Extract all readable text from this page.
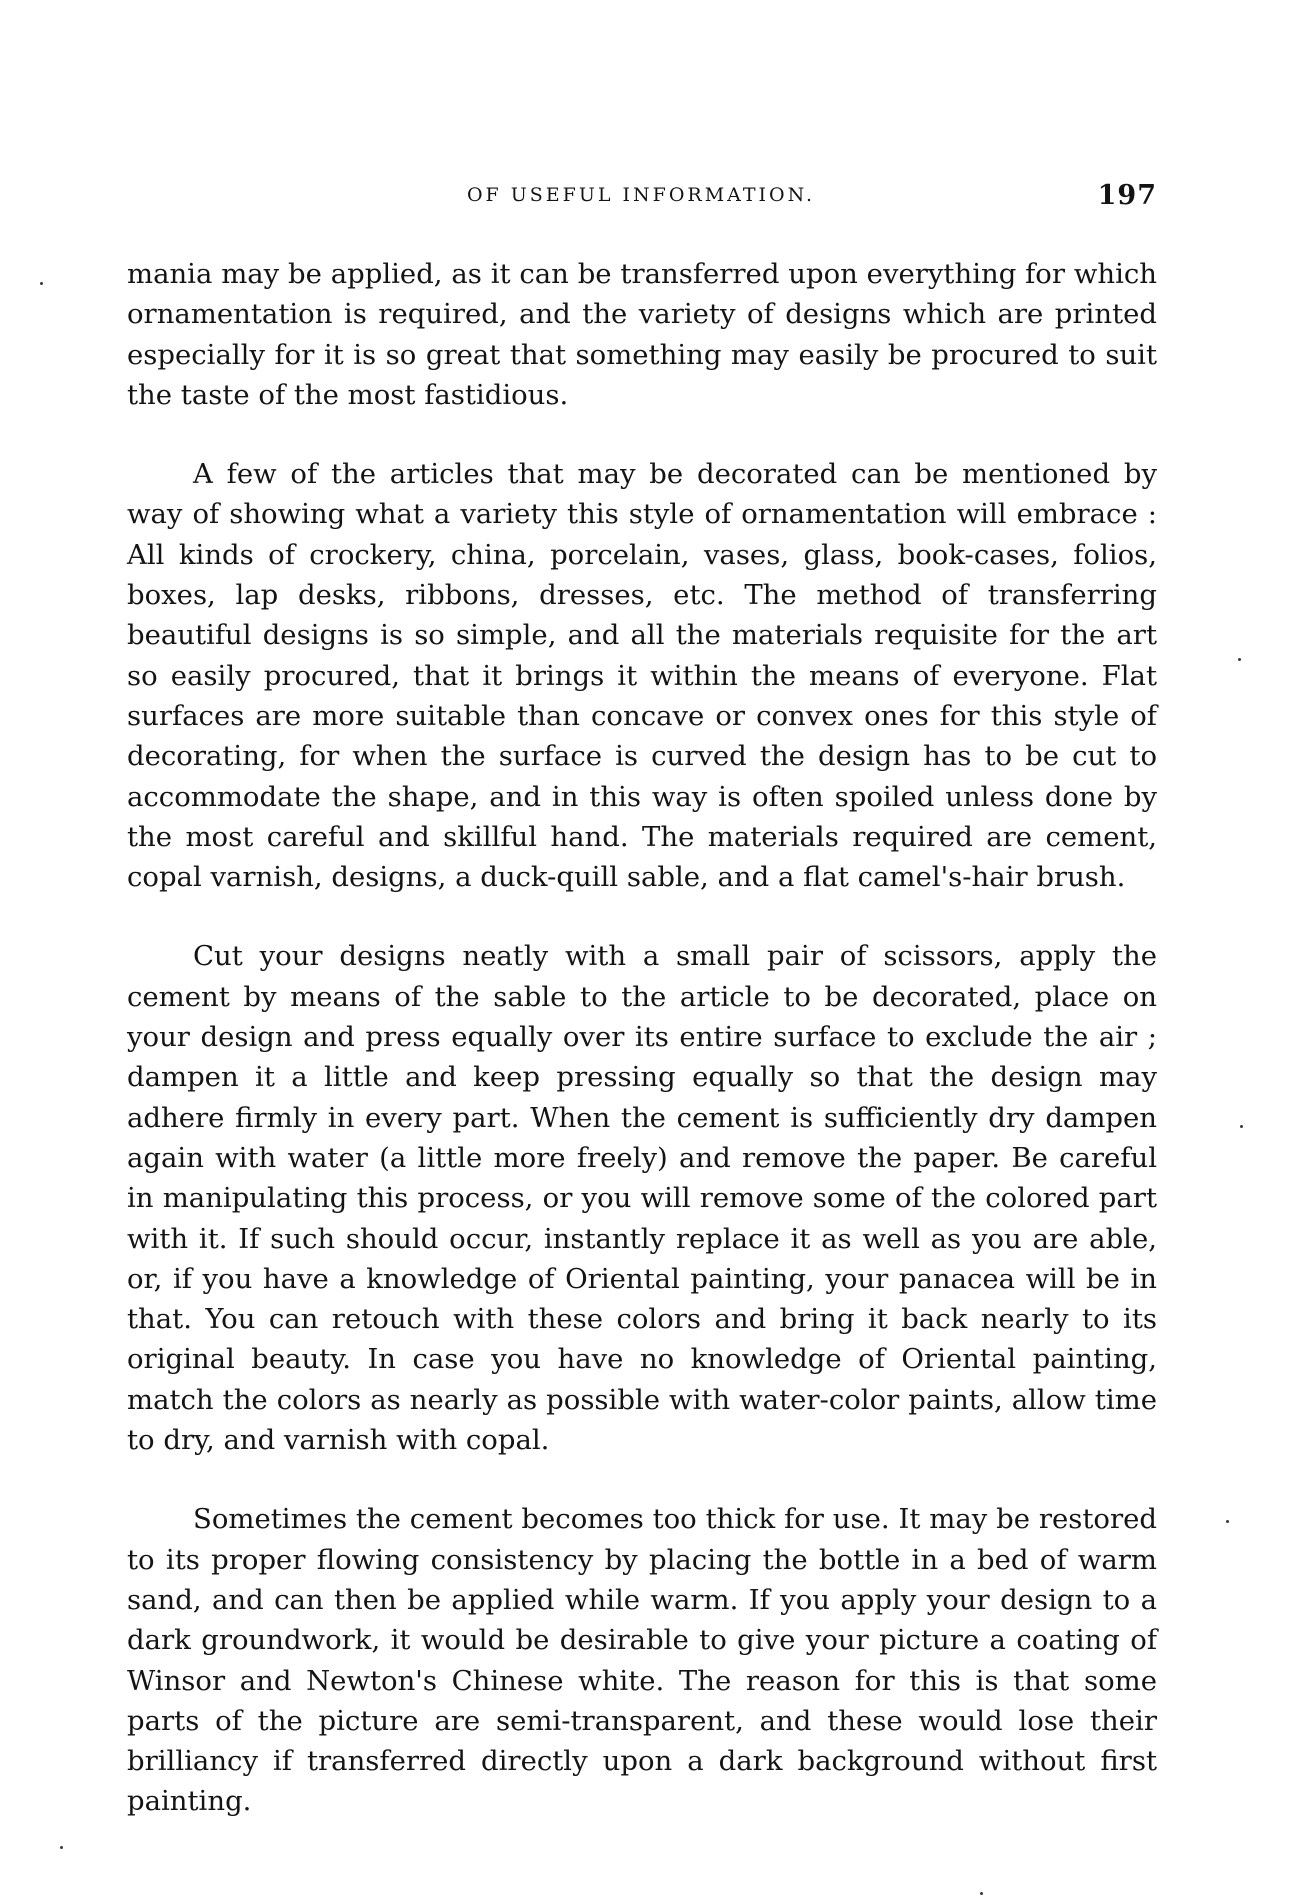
OF USEFUL INFORMATION.	197

mania may be applied, as it can be transferred upon everything for which ornamentation is required, and the variety of designs which are printed especially for it is so great that something may easily be procured to suit the taste of the most fastidious.

A few of the articles that may be decorated can be mentioned by way of showing what a variety this style of ornamentation will embrace : All kinds of crockery, china, porcelain, vases, glass, book-cases, folios, boxes, lap desks, ribbons, dresses, etc. The method of transferring beautiful designs is so simple, and all the materials requisite for the art so easily procured, that it brings it within the means of everyone. Flat surfaces are more suitable than concave or convex ones for this style of decorating, for when the surface is curved the design has to be cut to accommodate the shape, and in this way is often spoiled unless done by the most careful and skillful hand. The materials required are cement, copal varnish, designs, a duck-quill sable, and a flat camel's-hair brush.

Cut your designs neatly with a small pair of scissors, apply the cement by means of the sable to the article to be decorated, place on your design and press equally over its entire surface to exclude the air ; dampen it a little and keep pressing equally so that the design may adhere firmly in every part. When the cement is sufficiently dry dampen again with water (a little more freely) and remove the paper. Be careful in manipulating this process, or you will remove some of the colored part with it. If such should occur, instantly replace it as well as you are able, or, if you have a knowledge of Oriental painting, your panacea will be in that. You can retouch with these colors and bring it back nearly to its original beauty. In case you have no knowledge of Oriental painting, match the colors as nearly as possible with water-color paints, allow time to dry, and varnish with copal.

Sometimes the cement becomes too thick for use. It may be restored to its proper flowing consistency by placing the bottle in a bed of warm sand, and can then be applied while warm. If you apply your design to a dark groundwork, it would be desirable to give your picture a coating of Winsor and Newton's Chinese white. The reason for this is that some parts of the picture are semi-transparent, and these would lose their brilliancy if transferred directly upon a dark background without first painting.
